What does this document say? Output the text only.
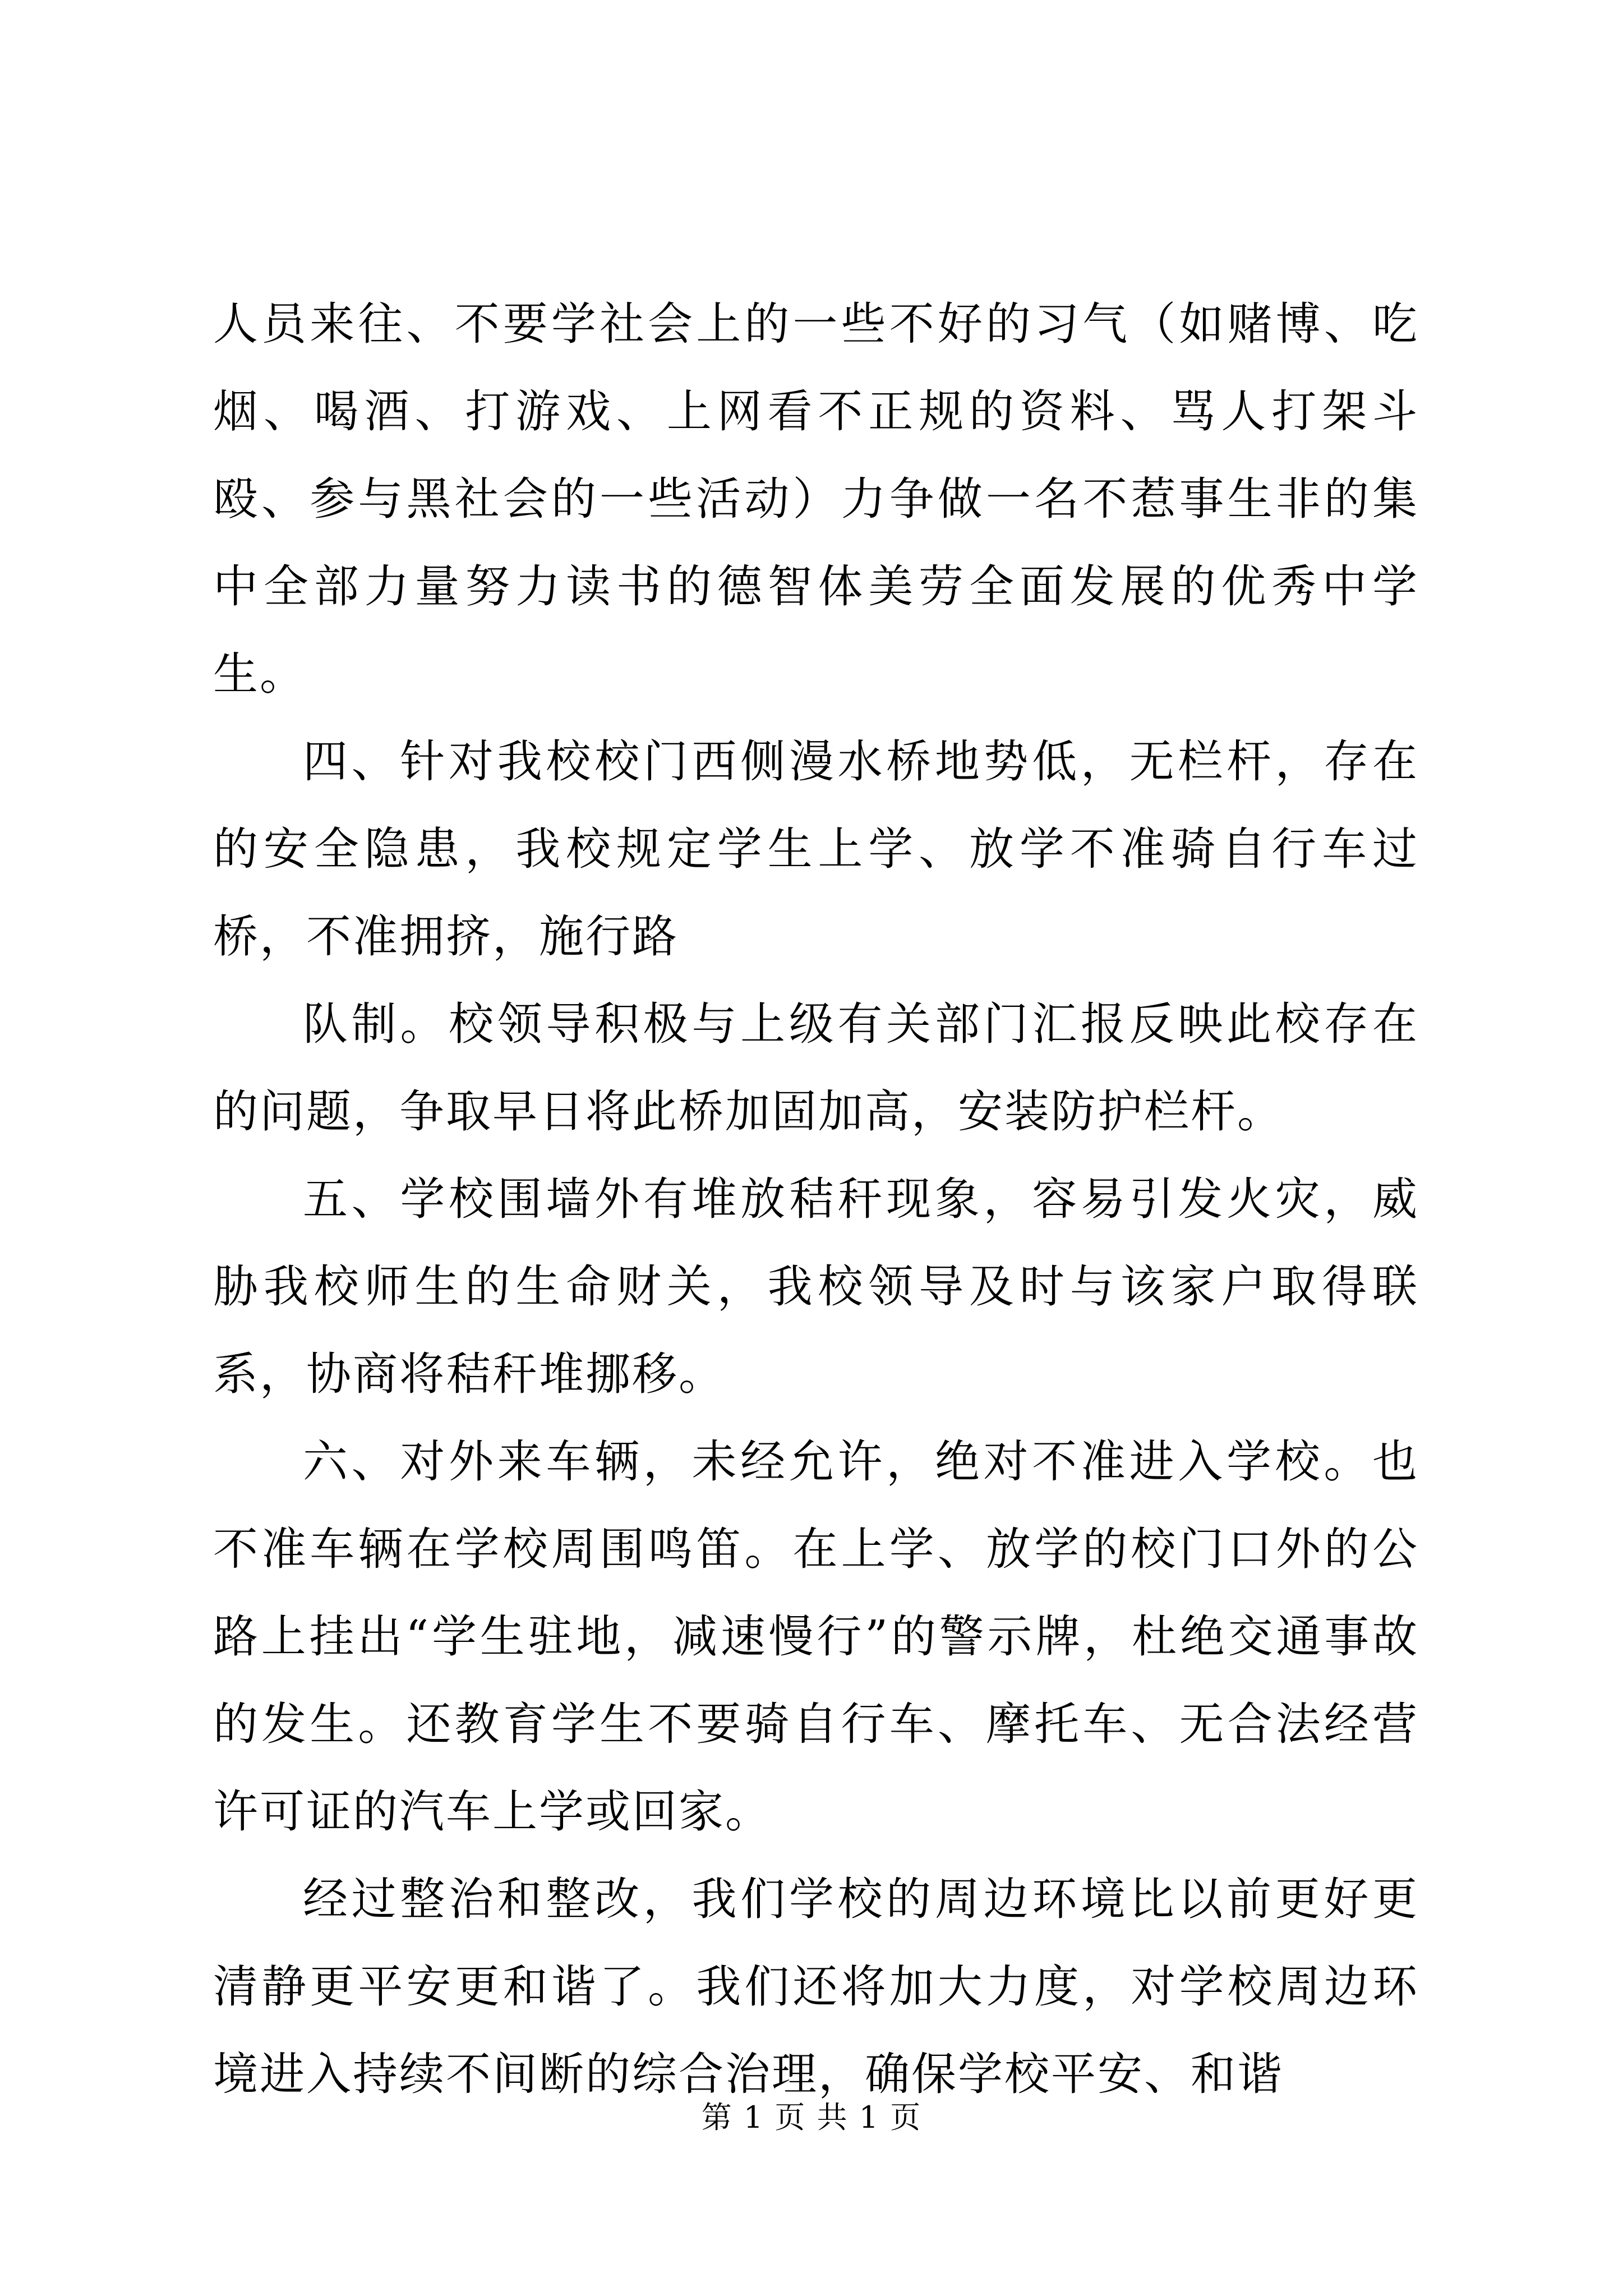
人员来往、不要学社会上的一些不好的习气（如赌博、吃烟、喝酒、打游戏、上网看不正规的资料、骂人打架斗殴、参与黑社会的一些活动）力争做一名不惹事生非的集中全部力量努力读书的德智体美劳全面发展的优秀中学生。

四、针对我校校门西侧漫水桥地势低，无栏杆，存在的安全隐患，我校规定学生上学、放学不准骑自行车过桥，不准拥挤，施行路

队制。校领导积极与上级有关部门汇报反映此校存在的问题，争取早日将此桥加固加高，安装防护栏杆。

五、学校围墙外有堆放秸秆现象，容易引发火灾，威胁我校师生的生命财关，我校领导及时与该家户取得联系，协商将秸秆堆挪移。

六、对外来车辆，未经允许，绝对不准进入学校。也不准车辆在学校周围鸣笛。在上学、放学的校门口外的公路上挂出“学生驻地，减速慢行”的警示牌，杜绝交通事故的发生。还教育学生不要骑自行车、摩托车、无合法经营许可证的汽车上学或回家。

经过整治和整改，我们学校的周边环境比以前更好更清静更平安更和谐了。我们还将加大力度，对学校周边环境进入持续不间断的综合治理，确保学校平安、和谐

第 1 页 共 1 页
